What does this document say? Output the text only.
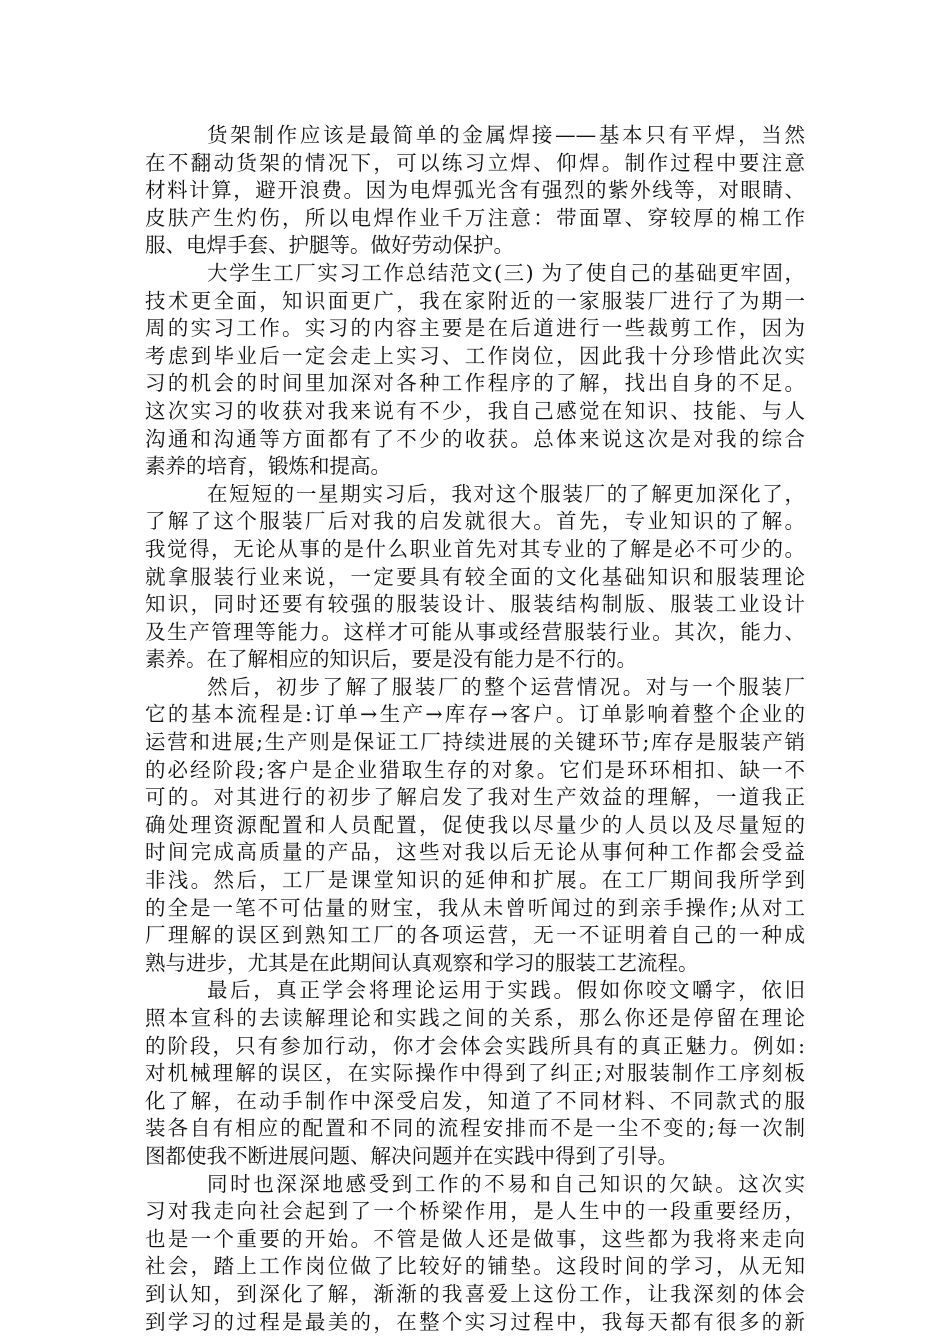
货架制作应该是最简单的金属焊接——基本只有平焊，当然
在不翻动货架的情况下，可以练习立焊、仰焊。制作过程中要注意
材料计算，避开浪费。因为电焊弧光含有强烈的紫外线等，对眼睛、
皮肤产生灼伤，所以电焊作业千万注意：带面罩、穿较厚的棉工作
服、电焊手套、护腿等。做好劳动保护。
大学生工厂实习工作总结范文(三) 为了使自己的基础更牢固，
技术更全面，知识面更广，我在家附近的一家服装厂进行了为期一
周的实习工作。实习的内容主要是在后道进行一些裁剪工作，因为
考虑到毕业后一定会走上实习、工作岗位，因此我十分珍惜此次实
习的机会的时间里加深对各种工作程序的了解，找出自身的不足。
这次实习的收获对我来说有不少，我自己感觉在知识、技能、与人
沟通和沟通等方面都有了不少的收获。总体来说这次是对我的综合
素养的培育，锻炼和提高。
在短短的一星期实习后，我对这个服装厂的了解更加深化了，
了解了这个服装厂后对我的启发就很大。首先，专业知识的了解。
我觉得，无论从事的是什么职业首先对其专业的了解是必不可少的。
就拿服装行业来说，一定要具有较全面的文化基础知识和服装理论
知识，同时还要有较强的服装设计、服装结构制版、服装工业设计
及生产管理等能力。这样才可能从事或经营服装行业。其次，能力、
素养。在了解相应的知识后，要是没有能力是不行的。
然后，初步了解了服装厂的整个运营情况。对与一个服装厂
它的基本流程是:订单→生产→库存→客户。订单影响着整个企业的
运营和进展;生产则是保证工厂持续进展的关键环节;库存是服装产销
的必经阶段;客户是企业猎取生存的对象。它们是环环相扣、缺一不
可的。对其进行的初步了解启发了我对生产效益的理解，一道我正
确处理资源配置和人员配置，促使我以尽量少的人员以及尽量短的
时间完成高质量的产品，这些对我以后无论从事何种工作都会受益
非浅。然后，工厂是课堂知识的延伸和扩展。在工厂期间我所学到
的全是一笔不可估量的财宝，我从未曾听闻过的到亲手操作;从对工
厂理解的误区到熟知工厂的各项运营，无一不证明着自己的一种成
熟与进步，尤其是在此期间认真观察和学习的服装工艺流程。
最后，真正学会将理论运用于实践。假如你咬文嚼字，依旧
照本宣科的去读解理论和实践之间的关系，那么你还是停留在理论
的阶段，只有参加行动，你才会体会实践所具有的真正魅力。例如:
对机械理解的误区，在实际操作中得到了纠正;对服装制作工序刻板
化了解，在动手制作中深受启发，知道了不同材料、不同款式的服
装各自有相应的配置和不同的流程安排而不是一尘不变的;每一次制
图都使我不断进展问题、解决问题并在实践中得到了引导。
同时也深深地感受到工作的不易和自己知识的欠缺。这次实
习对我走向社会起到了一个桥梁作用，是人生中的一段重要经历，
也是一个重要的开始。不管是做人还是做事，这些都为我将来走向
社会，踏上工作岗位做了比较好的铺垫。这段时间的学习，从无知
到认知，到深化了解，渐渐的我喜爱上这份工作，让我深刻的体会
到学习的过程是最美的，在整个实习过程中，我每天都有很多的新
